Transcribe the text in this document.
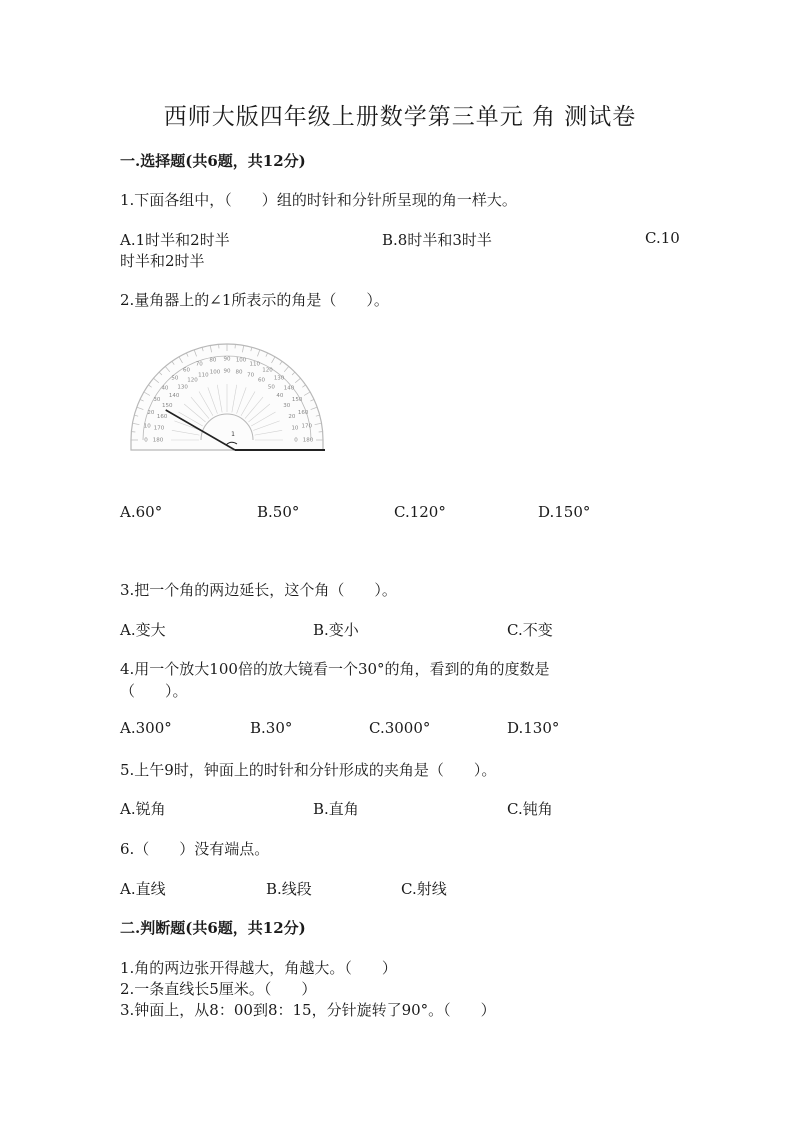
西师大版四年级上册数学第三单元 角 测试卷
一.选择题(共6题，共12分)
1.下面各组中，（　　）组的时针和分针所呈现的角一样大。
A.1时半和2时半	B.8时半和3时半	C.10
时半和2时半
2.量角器上的∠1所表示的角是（　　）。
0
10
20
30
40
50
60
70
80 90 100
110
120
130
140
150
160
170
180
180
170
160
150
140
130
120
110
100 90 80
70
60
50
40
30
20
10
0
1
A.60°	B.50°	C.120°	D.150°
3.把一个角的两边延长，这个角（　　）。
A.变大	B.变小	C.不变
4.用一个放大100倍的放大镜看一个30°的角，看到的角的度数是
（　　）。
A.300°	B.30°	C.3000°	D.130°
5.上午9时，钟面上的时针和分针形成的夹角是（　　）。
A.锐角	B.直角	C.钝角
6.（　　）没有端点。
A.直线	B.线段	C.射线
二.判断题(共6题，共12分)
1.角的两边张开得越大，角越大。（　　）
2.一条直线长5厘米。（　　）
3.钟面上，从8：00到8：15，分针旋转了90°。（　　）
